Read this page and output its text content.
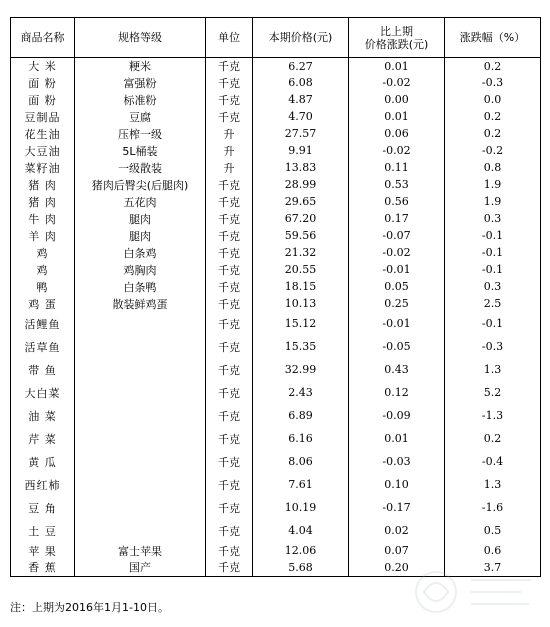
商品名称	规格等级	单位	本期价格(元)	比上期
价格涨跌(元)	涨跌幅（%）
大 米	粳米	千克	6.27	0.01	0.2
面 粉	富强粉	千克	6.08	-0.02	-0.3
面 粉	标准粉	千克	4.87	0.00	0.0
豆制品	豆腐	千克	4.70	0.01	0.2
花生油	压榨一级	升	27.57	0.06	0.2
大豆油	5L桶装	升	9.91	-0.02	-0.2
菜籽油	一级散装	升	13.83	0.11	0.8
猪 肉	猪肉后臀尖(后腿肉)	千克	28.99	0.53	1.9
猪 肉	五花肉	千克	29.65	0.56	1.9
牛 肉	腿肉	千克	67.20	0.17	0.3
羊 肉	腿肉	千克	59.56	-0.07	-0.1
鸡	白条鸡	千克	21.32	-0.02	-0.1
鸡	鸡胸肉	千克	20.55	-0.01	-0.1
鸭	白条鸭	千克	18.15	0.05	0.3
鸡 蛋	散装鲜鸡蛋	千克	10.13	0.25	2.5
活鲤鱼		千克	15.12	-0.01	-0.1
活草鱼		千克	15.35	-0.05	-0.3
带 鱼		千克	32.99	0.43	1.3
大白菜		千克	2.43	0.12	5.2
油 菜		千克	6.89	-0.09	-1.3
芹 菜		千克	6.16	0.01	0.2
黄 瓜		千克	8.06	-0.03	-0.4
西红柿		千克	7.61	0.10	1.3
豆 角		千克	10.19	-0.17	-1.6
土 豆		千克	4.04	0.02	0.5
苹 果	富士苹果	千克	12.06	0.07	0.6
香 蕉	国产	千克	5.68	0.20	3.7
注：上期为2016年1月1-10日。
